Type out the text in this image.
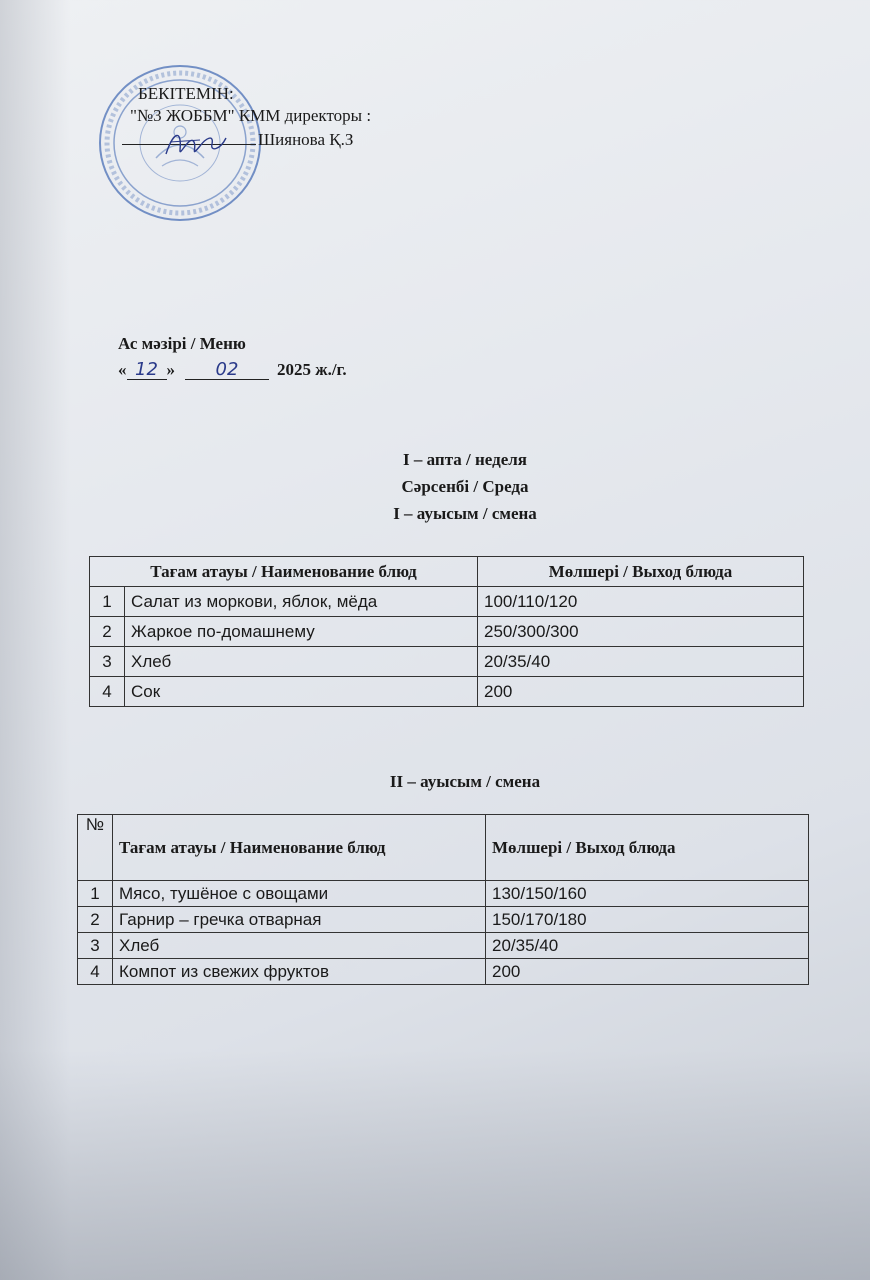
БЕКІТЕМІН:
"№3 ЖОББМ" КММ директоры :
Шиянова Қ.З
Ас мәзірі / Меню
« 12 » 02 2025 ж./г.
I – апта / неделя
Сәрсенбі / Среда
I – ауысым / смена
Тағам атауы / Наименование блюд		Мөлшері / Выход блюда
1	Салат из моркови, яблок, мёда	100/110/120
2	Жаркое по-домашнему	250/300/300
3	Хлеб	20/35/40
4	Сок	200
II – ауысым / смена
№	Тағам атауы / Наименование блюд	Мөлшері / Выход блюда
1	Мясо, тушёное с овощами	130/150/160
2	Гарнир – гречка отварная	150/170/180
3	Хлеб	20/35/40
4	Компот из свежих фруктов	200
